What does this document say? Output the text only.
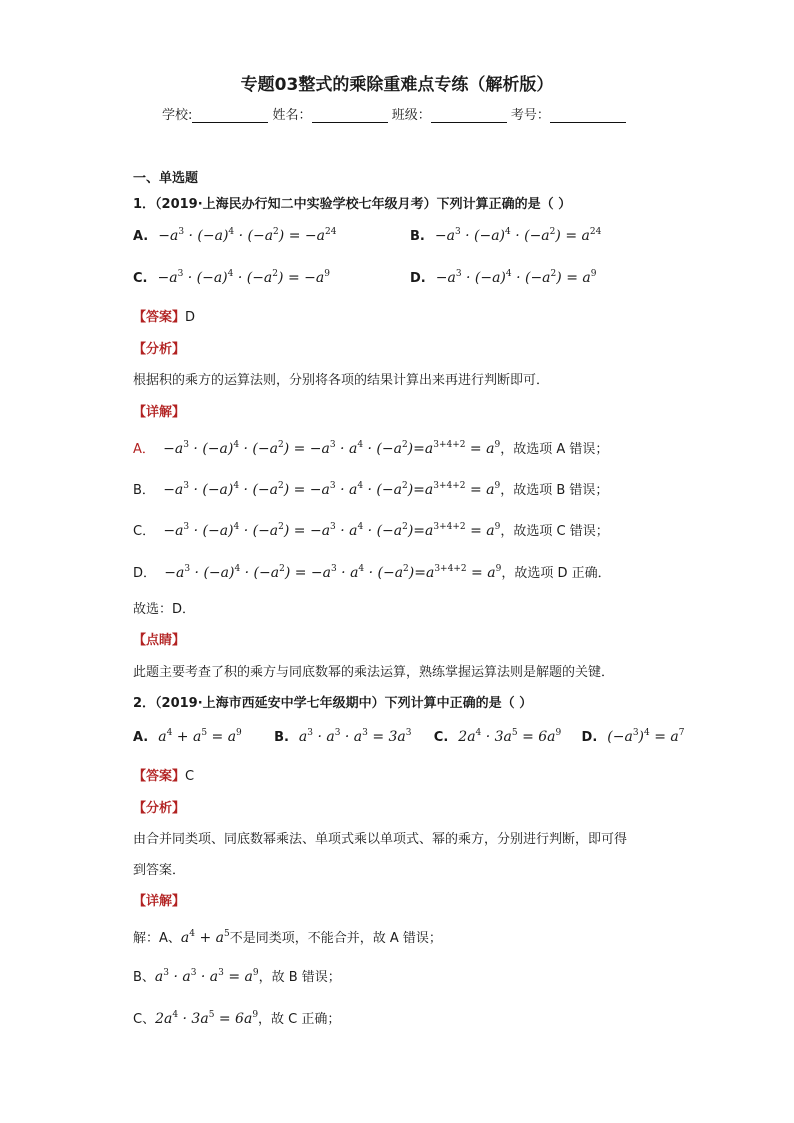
专题03整式的乘除重难点专练（解析版）
学校:	姓名：	班级：	考号：
一、单选题
1．（2019·上海民办行知二中实验学校七年级月考）下列计算正确的是（ ）
A. $-a^3 \cdot (-a)^4 \cdot (-a^2) = -a^{24}$	B. $-a^3 \cdot (-a)^4 \cdot (-a^2) = a^{24}$
C. $-a^3 \cdot (-a)^4 \cdot (-a^2) = -a^9$	D. $-a^3 \cdot (-a)^4 \cdot (-a^2) = a^9$
【答案】D
【分析】
根据积的乘方的运算法则，分别将各项的结果计算出来再进行判断即可．
【详解】
A． $-a^3 \cdot (-a)^4 \cdot (-a^2) = -a^3 \cdot a^4 \cdot (-a^2)=a^{3+4+2} = a^9$，故选项 A 错误；
B． $-a^3 \cdot (-a)^4 \cdot (-a^2) = -a^3 \cdot a^4 \cdot (-a^2)=a^{3+4+2} = a^9$，故选项 B 错误；
C． $-a^3 \cdot (-a)^4 \cdot (-a^2) = -a^3 \cdot a^4 \cdot (-a^2)=a^{3+4+2} = a^9$，故选项 C 错误；
D． $-a^3 \cdot (-a)^4 \cdot (-a^2) = -a^3 \cdot a^4 \cdot (-a^2)=a^{3+4+2} = a^9$，故选项 D 正确．
故选：D．
【点睛】
此题主要考查了积的乘方与同底数幂的乘法运算，熟练掌握运算法则是解题的关键．
2．（2019·上海市西延安中学七年级期中）下列计算中正确的是（ ）
A. $a^4 + a^5 = a^9$ B. $a^3 \cdot a^3 \cdot a^3 = 3a^3$ C. $2a^4 \cdot 3a^5 = 6a^9$ D. $(-a^3)^4 = a^7$
【答案】C
【分析】
由合并同类项、同底数幂乘法、单项式乘以单项式、幂的乘方，分别进行判断，即可得
到答案．
【详解】
解：A、$a^4 + a^5$不是同类项，不能合并，故 A 错误；
B、$a^3 \cdot a^3 \cdot a^3 = a^9$，故 B 错误；
C、$2a^4 \cdot 3a^5 = 6a^9$，故 C 正确；
